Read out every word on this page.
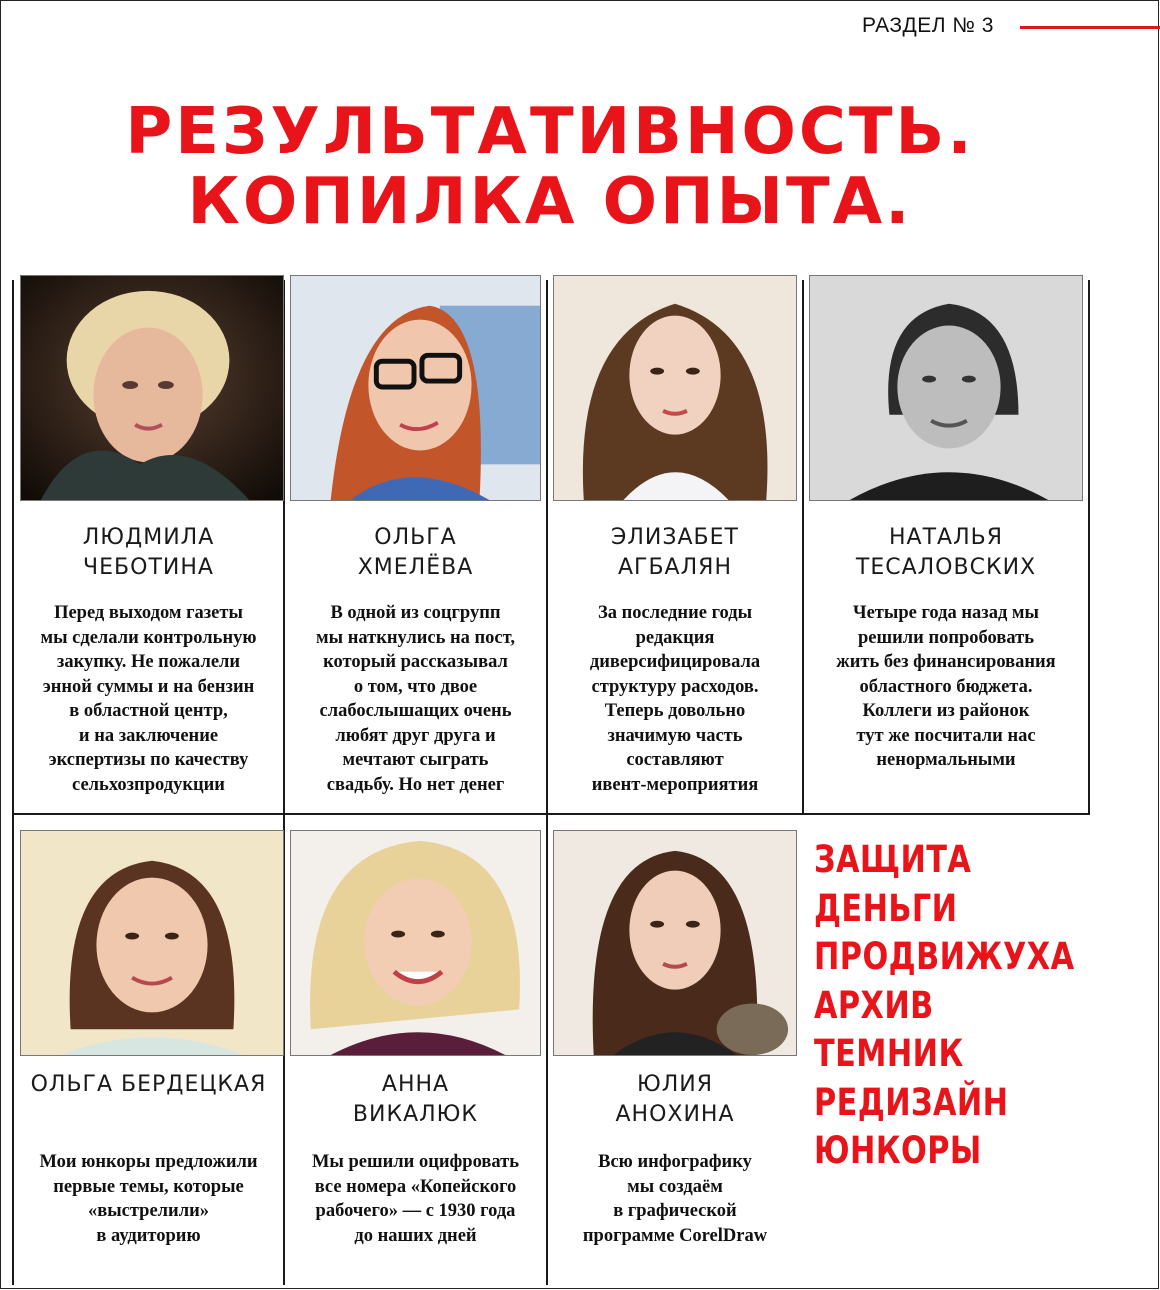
РАЗДЕЛ № 3
РЕЗУЛЬТАТИВНОСТЬ.
КОПИЛКА ОПЫТА.
ЛЮДМИЛА
ЧЕБОТИНА
Перед выходом газеты
мы сделали контрольную
закупку. Не пожалели
энной суммы и на бензин
в областной центр,
и на заключение
экспертизы по качеству
сельхозпродукции
ОЛЬГА
ХМЕЛЁВА
В одной из соцгрупп
мы наткнулись на пост,
который рассказывал
о том, что двое
слабослышащих очень
любят друг друга и
мечтают сыграть
свадьбу. Но нет денег
ЭЛИЗАБЕТ
АГБАЛЯН
За последние годы
редакция
диверсифицировала
структуру расходов.
Теперь довольно
значимую часть
составляют
ивент-мероприятия
НАТАЛЬЯ
ТЕСАЛОВСКИХ
Четыре года назад мы
решили попробовать
жить без финансирования
областного бюджета.
Коллеги из районок
тут же посчитали нас
ненормальными
ОЛЬГА БЕРДЕЦКАЯ
Мои юнкоры предложили
первые темы, которые
«выстрелили»
в аудиторию
АННА
ВИКАЛЮК
Мы решили оцифровать
все номера «Копейского
рабочего» — с 1930 года
до наших дней
ЮЛИЯ
АНОХИНА
Всю инфографику
мы создаём
в графической
программе CorelDraw
ЗАЩИТА
ДЕНЬГИ
ПРОДВИЖУХА
АРХИВ
ТЕМНИК
РЕДИЗАЙН
ЮНКОРЫ
